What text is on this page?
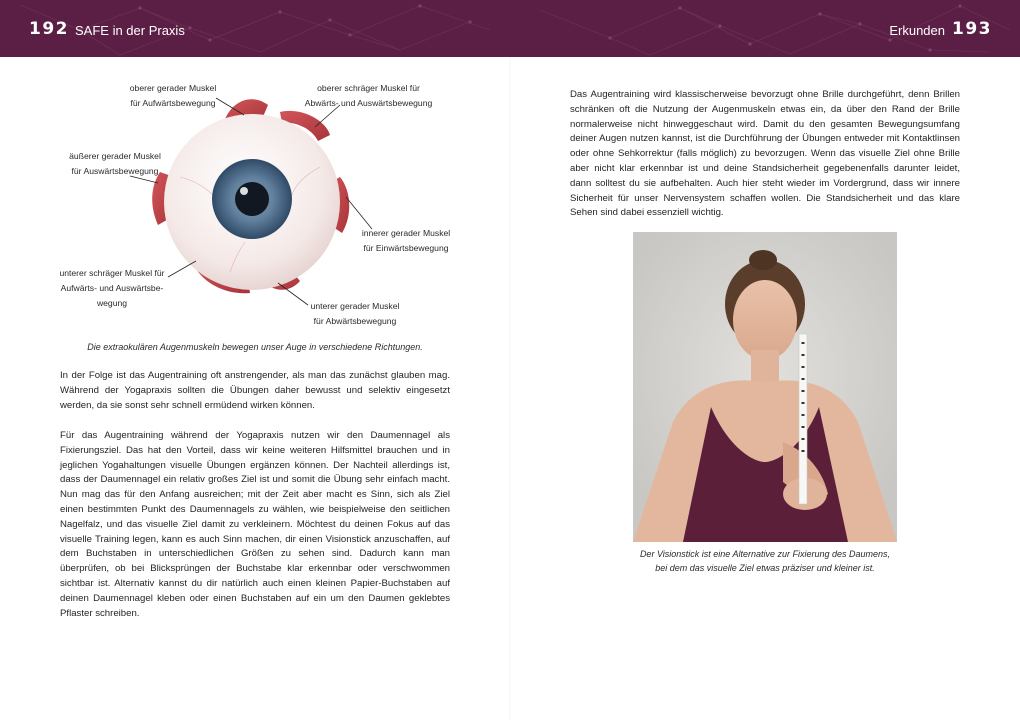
192 SAFE in der Praxis	Erkunden 193
oberer gerader Muskel
für Aufwärtsbewegung
oberer schräger Muskel für
Abwärts- und Auswärtsbewegung
äußerer gerader Muskel
für Auswärtsbewegung
innerer gerader Muskel
für Einwärtsbewegung
unterer schräger Muskel für
Aufwärts- und Auswärtsbe-
wegung	unterer gerader Muskel
für Abwärtsbewegung
Die extraokulären Augenmuskeln bewegen unser Auge in verschiedene Richtungen.

In der Folge ist das Augentraining oft anstrengender, als man das zunächst glauben mag. Während der Yogapraxis sollten die Übungen daher bewusst und selektiv eingesetzt werden, da sie sonst sehr schnell ermüdend wirken können.

Für das Augentraining während der Yogapraxis nutzen wir den Daumennagel als Fixierungsziel. Das hat den Vorteil, dass wir keine weiteren Hilfsmittel brauchen und in jeglichen Yogahaltungen visuelle Übungen ergänzen können. Der Nachteil allerdings ist, dass der Daumennagel ein relativ großes Ziel ist und somit die Übung sehr einfach macht. Nun mag das für den Anfang ausreichen; mit der Zeit aber macht es Sinn, sich als Ziel einen bestimmten Punkt des Daumennagels zu wählen, wie beispielweise den seitlichen Nagelfalz, und das visuelle Ziel damit zu verkleinern. Möchtest du deinen Fokus auf das visuelle Training legen, kann es auch Sinn machen, dir einen Visionstick anzuschaffen, auf dem Buchstaben in unterschiedlichen Größen zu sehen sind. Dadurch kann man überprüfen, ob bei Blicksprüngen der Buchstabe klar erkennbar oder verschwommen sichtbar ist. Alternativ kannst du dir natürlich auch einen kleinen Papier-Buchstaben auf deinen Daumennagel kleben oder einen Buchstaben auf ein um den Daumen geklebtes Pflaster schreiben.

Das Augentraining wird klassischerweise bevorzugt ohne Brille durchgeführt, denn Brillen schränken oft die Nutzung der Augenmuskeln etwas ein, da über den Rand der Brille normalerweise nicht hinweggeschaut wird. Damit du den gesamten Bewegungsumfang deiner Augen nutzen kannst, ist die Durchführung der Übungen entweder mit Kontaktlinsen oder ohne Sehkorrektur (falls möglich) zu bevorzugen. Wenn das visuelle Ziel ohne Brille aber nicht klar erkennbar ist und deine Standsicherheit gegebenenfalls darunter leidet, dann solltest du sie aufbehalten. Auch hier steht wieder im Vordergrund, dass wir innere Sicherheit für unser Nervensystem schaffen wollen. Die Standsicherheit und das klare Sehen sind dabei essenziell wichtig.

Der Visionstick ist eine Alternative zur Fixierung des Daumens,
bei dem das visuelle Ziel etwas präziser und kleiner ist.
